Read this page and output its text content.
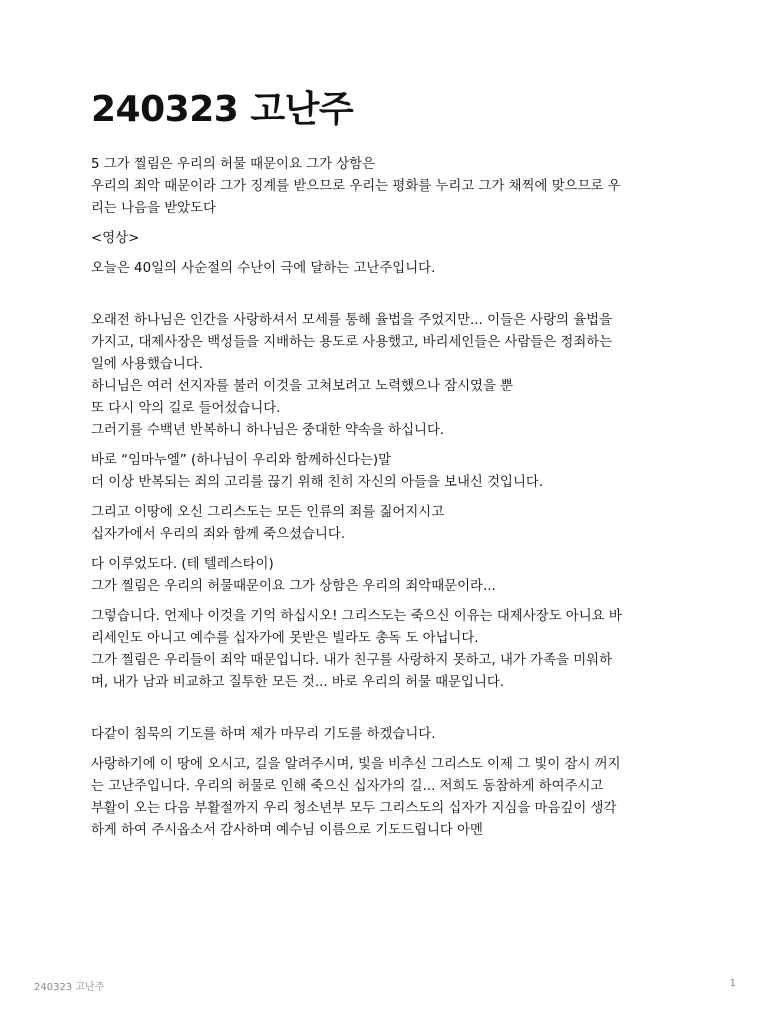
240323 고난주

5 그가 찔림은 우리의 허물 때문이요 그가 상함은
우리의 죄악 때문이라 그가 징계를 받으므로 우리는 평화를 누리고 그가 채찍에 맞으므로 우
리는 나음을 받았도다

<영상>

오늘은 40일의 사순절의 수난이 극에 달하는 고난주입니다.

오래전 하나님은 인간을 사랑하셔서 모세를 통해 율법을 주었지만... 이들은 사랑의 율법을
가지고, 대제사장은 백성들을 지배하는 용도로 사용했고, 바리세인들은 사람들은 정죄하는
일에 사용했습니다.
하니님은 여러 선지자를 불러 이것을 고쳐보려고 노력했으나 잠시였을 뿐
또 다시 악의 길로 들어섰습니다.
그러기를 수백년 반복하니 하나님은 중대한 약속을 하십니다.

바로 “임마누엘” (하나님이 우리와 함께하신다는)말
더 이상 반복되는 죄의 고리를 끊기 위해 친히 자신의 아들을 보내신 것입니다.

그리고 이땅에 오신 그리스도는 모든 인류의 죄를 짊어지시고
십자가에서 우리의 죄와 함께 죽으셨습니다.

다 이루었도다. (테 텔레스타이)
그가 찔림은 우리의 허물때문이요 그가 상함은 우리의 죄악때문이라...

그렇습니다. 언제나 이것을 기억 하십시오! 그리스도는 죽으신 이유는 대제사장도 아니요 바
리세인도 아니고 예수를 십자가에 못받은 빌라도 총독 도 아닙니다.
그가 찔림은 우리들이 죄악 때문입니다. 내가 친구를 사랑하지 못하고, 내가 가족을 미워하
며, 내가 남과 비교하고 질투한 모든 것... 바로 우리의 허물 때문입니다.

다같이 침묵의 기도를 하며 제가 마무리 기도를 하겠습니다.

사랑하기에 이 땅에 오시고, 길을 알려주시며, 빛을 비추신 그리스도 이제 그 빛이 잠시 꺼지
는 고난주입니다. 우리의 허물로 인해 죽으신 십자가의 길... 저희도 동참하게 하여주시고
부활이 오는 다음 부활절까지 우리 청소년부 모두 그리스도의 십자가 지심을 마음깊이 생각
하게 하여 주시옵소서 감사하며 예수님 이름으로 기도드립니다 아멘

240323 고난주	1
